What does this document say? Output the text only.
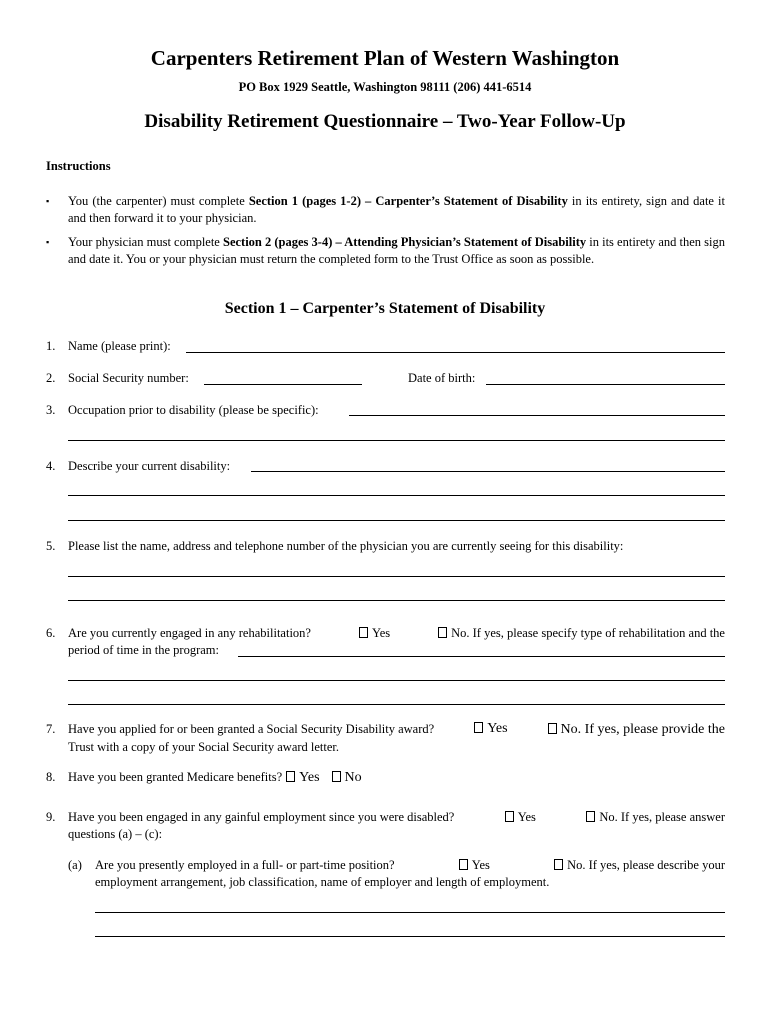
Carpenters Retirement Plan of Western Washington
PO Box 1929 Seattle, Washington 98111 (206) 441-6514
Disability Retirement Questionnaire – Two-Year Follow-Up
Instructions
▪ You (the carpenter) must complete Section 1 (pages 1-2) – Carpenter’s Statement of Disability in its entirety, sign and date it and then forward it to your physician.
▪ Your physician must complete Section 2 (pages 3-4) – Attending Physician’s Statement of Disability in its entirety and then sign and date it. You or your physician must return the completed form to the Trust Office as soon as possible.
Section 1 – Carpenter’s Statement of Disability
1. Name (please print):
2. Social Security number:	Date of birth:
3. Occupation prior to disability (please be specific):
4. Describe your current disability:
5. Please list the name, address and telephone number of the physician you are currently seeing for this disability:
6. Are you currently engaged in any rehabilitation?	Yes	No. If yes, please specify type of rehabilitation and the
period of time in the program:
7. Have you applied for or been granted a Social Security Disability award?	Yes	No. If yes, please provide the
Trust with a copy of your Social Security award letter.
8. Have you been granted Medicare benefits? Yes No
9. Have you been engaged in any gainful employment since you were disabled?	Yes	No. If yes, please answer
questions (a) – (c):
(a) Are you presently employed in a full- or part-time position?	Yes	No. If yes, please describe your
employment arrangement, job classification, name of employer and length of employment.
